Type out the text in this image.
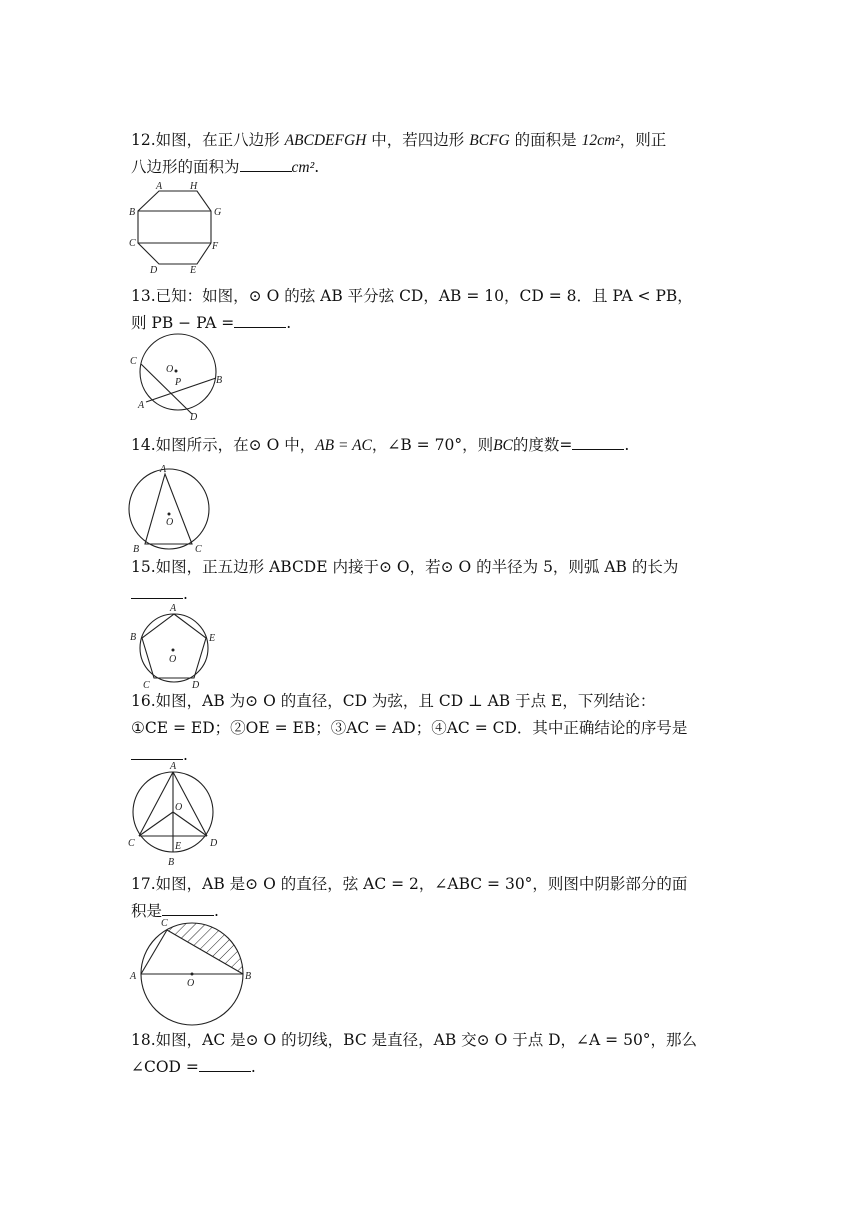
12.如图，在正八边形 ABCDEFGH 中，若四边形 BCFG 的面积是 12cm²，则正
八边形的面积为	cm².
A	H
B	G
C	F
D	E
13.已知：如图，⊙ O 的弦 AB 平分弦 CD，AB = 10，CD = 8．且 PA < PB，
则 PB − PA =	.
C
O
P	B
A
D
14.如图所示，在⊙ O 中，AB = AC，∠B = 70°，则BC的度数=	.
A
O
B	C
15.如图，正五边形 ABCDE 内接于⊙ O，若⊙ O 的半径为 5，则弧 AB 的长为
.
A
B	E
O
C	D
16.如图，AB 为⊙ O 的直径，CD 为弦，且 CD ⊥ AB 于点 E，下列结论：
①CE = ED；②OE = EB；③AC = AD；④AC = CD．其中正确结论的序号是
.
A
O
C	D
E
B
17.如图，AB 是⊙ O 的直径，弦 AC = 2，∠ABC = 30°，则图中阴影部分的面
积是	.
C
A
O
B
18.如图，AC 是⊙ O 的切线，BC 是直径，AB 交⊙ O 于点 D，∠A = 50°，那么
∠COD =	.
